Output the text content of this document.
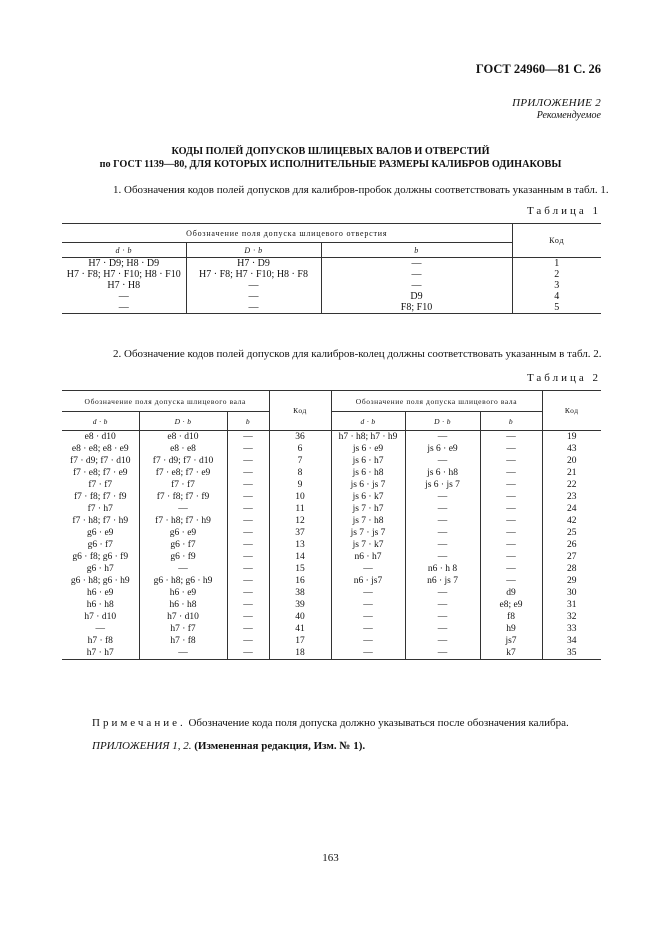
ГОСТ 24960—81 С. 26
ПРИЛОЖЕНИЕ 2
Рекомендуемое
КОДЫ ПОЛЕЙ ДОПУСКОВ ШЛИЦЕВЫХ ВАЛОВ И ОТВЕРСТИЙ
по ГОСТ 1139—80, ДЛЯ КОТОРЫХ ИСПОЛНИТЕЛЬНЫЕ РАЗМЕРЫ КАЛИБРОВ ОДИНАКОВЫ
1. Обозначения кодов полей допусков для калибров-пробок должны соответствовать указанным в табл. 1.
Таблица 1
Обозначение поля допуска шлицевого отверстия			Код
d · b	D · b	b	
H7 · D9; H8 · D9	H7 · D9	—	1
H7 · F8; H7 · F10; H8 · F10	H7 · F8; H7 · F10; H8 · F8	—	2
H7 · H8	—	—	3
—	—	D9	4
—	—	F8; F10	5
2. Обозначение кодов полей допусков для калибров-колец должны соответствовать указанным в табл. 2.
Таблица 2
Обозначение поля допуска шлицевого вала			Код	Обозначение поля допуска шлицевого вала			Код
d · b	D · b	b		d · b	D · b	b	
e8 · d10	e8 · d10	—	36	h7 · h8; h7 · h9	—	—	19
e8 · e8; e8 · e9	e8 · e8	—	6	js 6 · e9	js 6 · e9	—	43
f7 · d9; f7 · d10	f7 · d9; f7 · d10	—	7	js 6 · h7	—	—	20
f7 · e8; f7 · e9	f7 · e8; f7 · e9	—	8	js 6 · h8	js 6 · h8	—	21
f7 · f7	f7 · f7	—	9	js 6 · js 7	js 6 · js 7	—	22
f7 · f8; f7 · f9	f7 · f8; f7 · f9	—	10	js 6 · k7	—	—	23
f7 · h7	—	—	11	js 7 · h7	—	—	24
f7 · h8; f7 · h9	f7 · h8; f7 · h9	—	12	js 7 · h8	—	—	42
g6 · e9	g6 · e9	—	37	js 7 · js 7	—	—	25
g6 · f7	g6 · f7	—	13	js 7 · k7	—	—	26
g6 · f8; g6 · f9	g6 · f9	—	14	n6 · h7	—	—	27
g6 · h7	—	—	15	—	n6 · h 8	—	28
g6 · h8; g6 · h9	g6 · h8; g6 · h9	—	16	n6 · js7	n6 · js 7	—	29
h6 · e9	h6 · e9	—	38	—	—	d9	30
h6 · h8	h6 · h8	—	39	—	—	e8; e9	31
h7 · d10	h7 · d10	—	40	—	—	f8	32
—	h7 · f7	—	41	—	—	h9	33
h7 · f8	h7 · f8	—	17	—	—	js7	34
h7 · h7	—	—	18	—	—	k7	35
Примечание. Обозначение кода поля допуска должно указываться после обозначения калибра.
ПРИЛОЖЕНИЯ 1, 2. (Измененная редакция, Изм. № 1).
163
